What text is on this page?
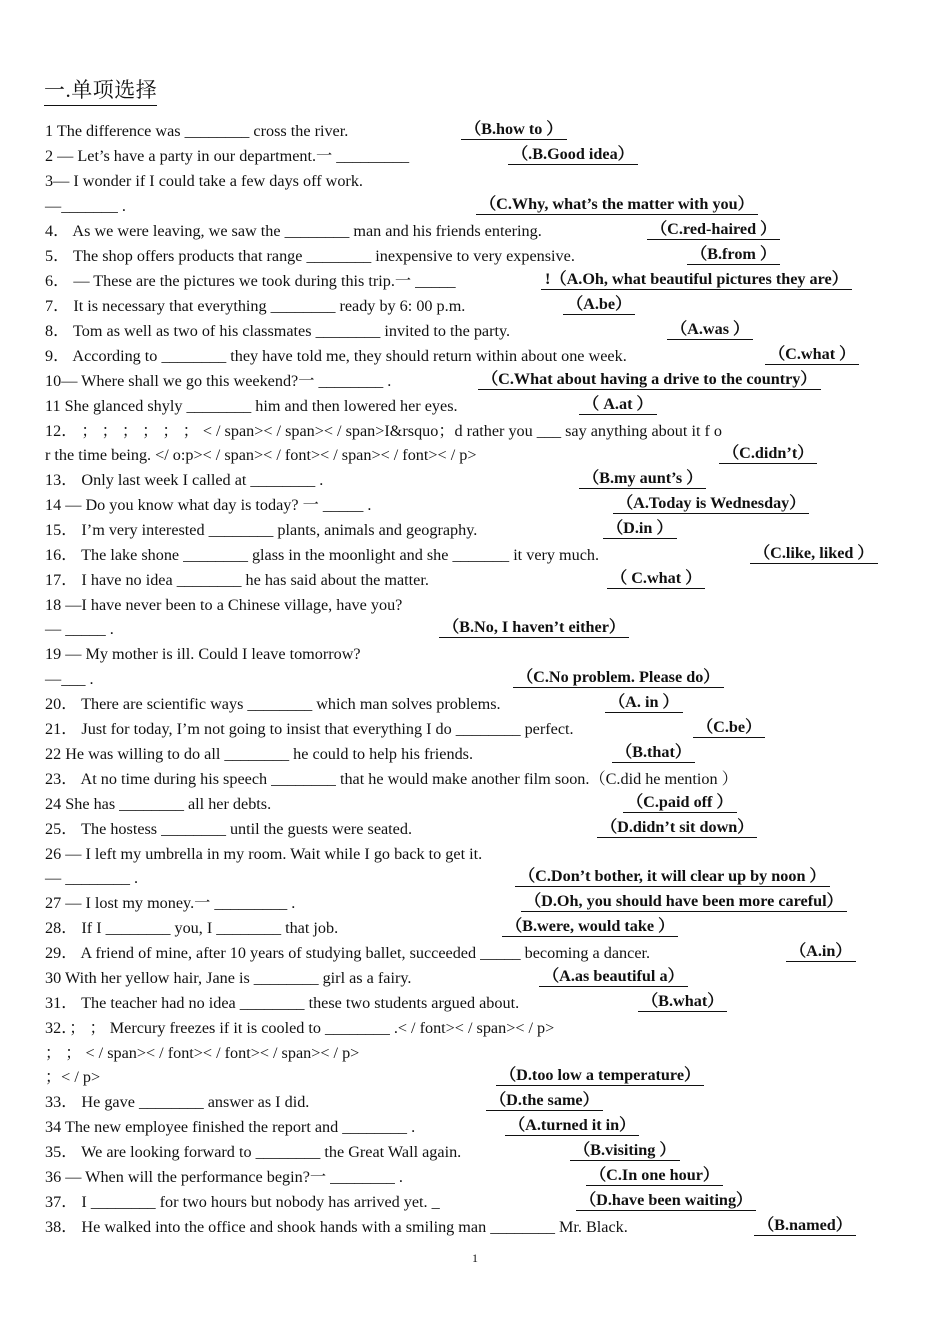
一.单项选择
1 The difference was ________ cross the river.	（B.how to ）
2 — Let’s have a party in our department.一 _________	（.B.Good idea）
3— I wonder if I could take a few days off work.
—_______ .	（C.Why, what’s the matter with you）
4． As we were leaving, we saw the ________ man and his friends entering.	（C.red-haired ）
5． The shop offers products that range ________ inexpensive to very expensive.	（B.from ）
6． — These are the pictures we took during this trip.一 _____	!（A.Oh, what beautiful pictures they are）
7． It is necessary that everything ________ ready by 6: 00 p.m.	（A.be）
8． Tom as well as two of his classmates ________ invited to the party.	（A.was ）
9． According to ________ they have told me, they should return within about one week.	（C.what ）
10— Where shall we go this weekend?一 ________ .	（C.What about having a drive to the country）
11 She glanced shyly ________ him and then lowered her eyes.	（ A.at ）
12． ； ； ； ； ； ； < / span>< / span>< / span>I&rsquo；d rather you ___ say anything about it f o
r the time being. </ o:p>< / span>< / font>< / span>< / font>< / p>	（C.didn’t）
13． Only last week I called at ________ .	（B.my aunt’s ）
14 — Do you know what day is today? 一 _____ .	（A.Today is Wednesday）
15． I’m very interested ________ plants, animals and geography.	（D.in ）
16． The lake shone ________ glass in the moonlight and she _______ it very much.	（C.like, liked ）
17． I have no idea ________ he has said about the matter.	（ C.what ）
18 —I have never been to a Chinese village, have you?
— _____ .	（B.No, I haven’t either）
19 — My mother is ill. Could I leave tomorrow?
—___ .	（C.No problem. Please do）
20． There are scientific ways ________ which man solves problems.	（A. in ）
21． Just for today, I’m not going to insist that everything I do ________ perfect.	（C.be）
22 He was willing to do all ________ he could to help his friends.	（B.that）
23． At no time during his speech ________ that he would make another film soon.（C.did he mention ）
24 She has ________ all her debts.	（C.paid off ）
25． The hostess ________ until the guests were seated.	（D.didn’t sit down）
26 — I left my umbrella in my room. Wait while I go back to get it.
— ________ .	（C.Don’t bother, it will clear up by noon ）
27 — I lost my money.一 _________ .	（D.Oh, you should have been more careful）
28． If I ________ you, I ________ that job.	（B.were, would take ）
29． A friend of mine, after 10 years of studying ballet, succeeded _____ becoming a dancer.	（A.in）
30 With her yellow hair, Jane is ________ girl as a fairy.	（A.as beautiful a）
31． The teacher had no idea ________ these two students argued about.	（B.what）
32．； ； Mercury freezes if it is cooled to ________ .< / font>< / span>< / p>
； ； < / span>< / font>< / font>< / span>< / p>
；< / p>	（D.too low a temperature）
33． He gave ________ answer as I did.	（D.the same）
34 The new employee finished the report and ________ .	（A.turned it in）
35． We are looking forward to ________ the Great Wall again.	（B.visiting ）
36 — When will the performance begin?一 ________ .	（C.In one hour）
37． I ________ for two hours but nobody has arrived yet. _	（D.have been waiting）
38． He walked into the office and shook hands with a smiling man ________ Mr. Black.	（B.named）
1
